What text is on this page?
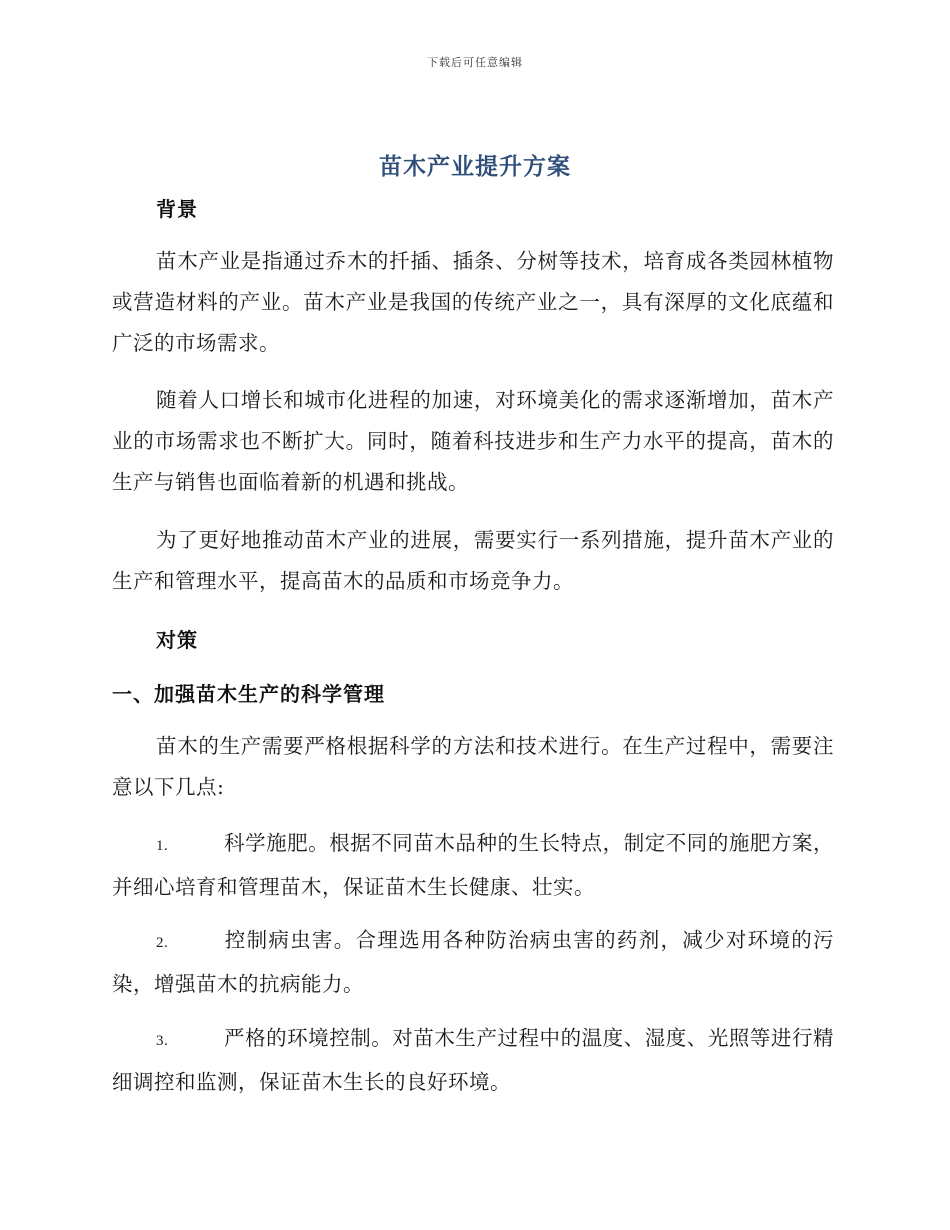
下载后可任意编辑
苗木产业提升方案
背景
苗木产业是指通过乔木的扦插、插条、分树等技术，培育成各类园林植物或营造材料的产业。苗木产业是我国的传统产业之一，具有深厚的文化底蕴和广泛的市场需求。
随着人口增长和城市化进程的加速，对环境美化的需求逐渐增加，苗木产业的市场需求也不断扩大。同时，随着科技进步和生产力水平的提高，苗木的生产与销售也面临着新的机遇和挑战。
为了更好地推动苗木产业的进展，需要实行一系列措施，提升苗木产业的生产和管理水平，提高苗木的品质和市场竞争力。
对策
一、加强苗木生产的科学管理
苗木的生产需要严格根据科学的方法和技术进行。在生产过程中，需要注意以下几点:
1.	科学施肥。根据不同苗木品种的生长特点，制定不同的施肥方案，并细心培育和管理苗木，保证苗木生长健康、壮实。
2.	控制病虫害。合理选用各种防治病虫害的药剂，减少对环境的污染，增强苗木的抗病能力。
3.	严格的环境控制。对苗木生产过程中的温度、湿度、光照等进行精细调控和监测，保证苗木生长的良好环境。
